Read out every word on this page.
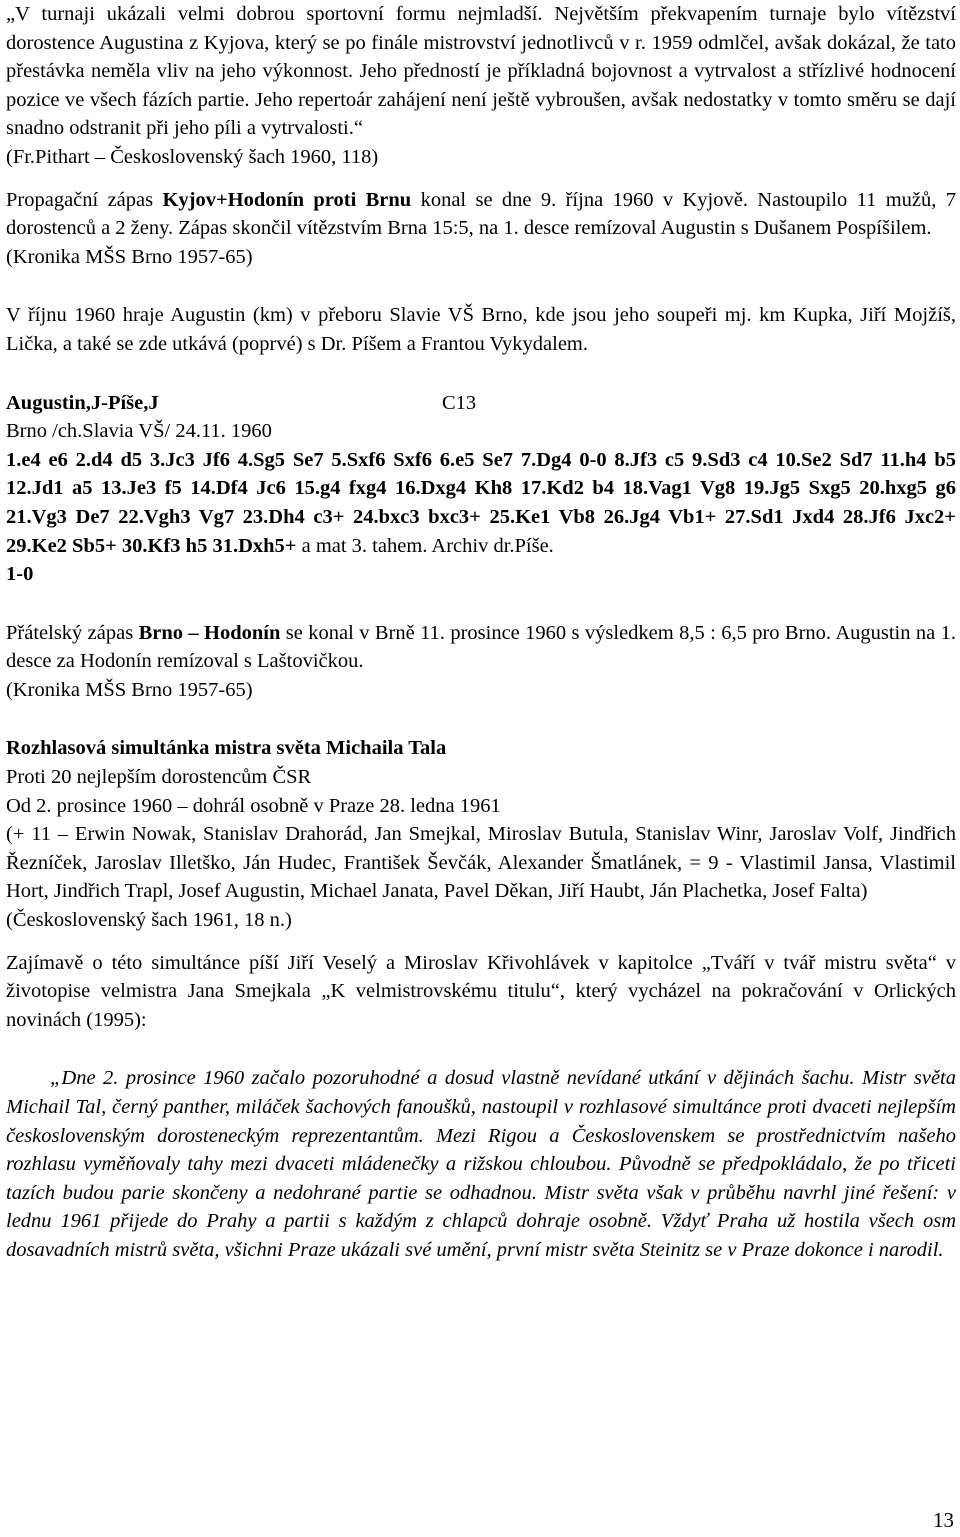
„V turnaji ukázali velmi dobrou sportovní formu nejmladší. Největším překvapením turnaje bylo vítězství dorostence Augustina z Kyjova, který se po finále mistrovství jednotlivců v r. 1959 odmlčel, avšak dokázal, že tato přestávka neměla vliv na jeho výkonnost. Jeho předností je příkladná bojovnost a vytrvalost a střízlivé hodnocení pozice ve všech fázích partie. Jeho repertoár zahájení není ještě vybroušen, avšak nedostatky v tomto směru se dají snadno odstranit při jeho píli a vytrvalosti.“

(Fr.Pithart – Československý šach 1960, 118)

Propagační zápas Kyjov+Hodonín proti Brnu konal se dne 9. října 1960 v Kyjově. Nastoupilo 11 mužů, 7 dorostenců a 2 ženy. Zápas skončil vítězstvím Brna 15:5, na 1. desce remízoval Augustin s Dušanem Pospíšilem.

(Kronika MŠS Brno 1957-65)

V říjnu 1960 hraje Augustin (km) v přeboru Slavie VŠ Brno, kde jsou jeho soupeři mj. km Kupka, Jiří Mojžíš, Lička, a také se zde utkává (poprvé) s Dr. Píšem a Frantou Vykydalem.

Augustin,J-Píše,J	C13

Brno /ch.Slavia VŠ/ 24.11. 1960

1.e4 e6 2.d4 d5 3.Jc3 Jf6 4.Sg5 Se7 5.Sxf6 Sxf6 6.e5 Se7 7.Dg4 0-0 8.Jf3 c5 9.Sd3 c4 10.Se2 Sd7 11.h4 b5 12.Jd1 a5 13.Je3 f5 14.Df4 Jc6 15.g4 fxg4 16.Dxg4 Kh8 17.Kd2 b4 18.Vag1 Vg8 19.Jg5 Sxg5 20.hxg5 g6 21.Vg3 De7 22.Vgh3 Vg7 23.Dh4 c3+ 24.bxc3 bxc3+ 25.Ke1 Vb8 26.Jg4 Vb1+ 27.Sd1 Jxd4 28.Jf6 Jxc2+ 29.Ke2 Sb5+ 30.Kf3 h5 31.Dxh5+ a mat 3. tahem. Archiv dr.Píše.

1-0

Přátelský zápas Brno – Hodonín se konal v Brně 11. prosince 1960 s výsledkem 8,5 : 6,5 pro Brno. Augustin na 1. desce za Hodonín remízoval s Laštovičkou.

(Kronika MŠS Brno 1957-65)

Rozhlasová simultánka mistra světa Michaila Tala

Proti 20 nejlepším dorostencům ČSR

Od 2. prosince 1960 – dohrál osobně v Praze 28. ledna 1961

(+ 11 – Erwin Nowak, Stanislav Drahorád, Jan Smejkal, Miroslav Butula, Stanislav Winr, Jaroslav Volf, Jindřich Řezníček, Jaroslav Illetško, Ján Hudec, František Ševčák, Alexander Šmatlánek, = 9 - Vlastimil Jansa, Vlastimil Hort, Jindřich Trapl, Josef Augustin, Michael Janata, Pavel Děkan, Jiří Haubt, Ján Plachetka, Josef Falta)

(Československý šach 1961, 18 n.)

Zajímavě o této simultánce píší Jiří Veselý a Miroslav Křivohlávek v kapitolce „Tváří v tvář mistru světa“ v životopise velmistra Jana Smejkala „K velmistrovskému titulu“, který vycházel na pokračování v Orlických novinách (1995):

„Dne 2. prosince 1960 začalo pozoruhodné a dosud vlastně nevídané utkání v dějinách šachu. Mistr světa Michail Tal, černý panther, miláček šachových fanoušků, nastoupil v rozhlasové simultánce proti dvaceti nejlepším československým dorosteneckým reprezentantům. Mezi Rigou a Československem se prostřednictvím našeho rozhlasu vyměňovaly tahy mezi dvaceti mládenečky a rižskou chloubou. Původně se předpokládalo, že po třiceti tazích budou parie skončeny a nedohrané partie se odhadnou. Mistr světa však v průběhu navrhl jiné řešení: v lednu 1961 přijede do Prahy a partii s každým z chlapců dohraje osobně. Vždyť Praha už hostila všech osm dosavadních mistrů světa, všichni Praze ukázali své umění, první mistr světa Steinitz se v Praze dokonce i narodil.

13
